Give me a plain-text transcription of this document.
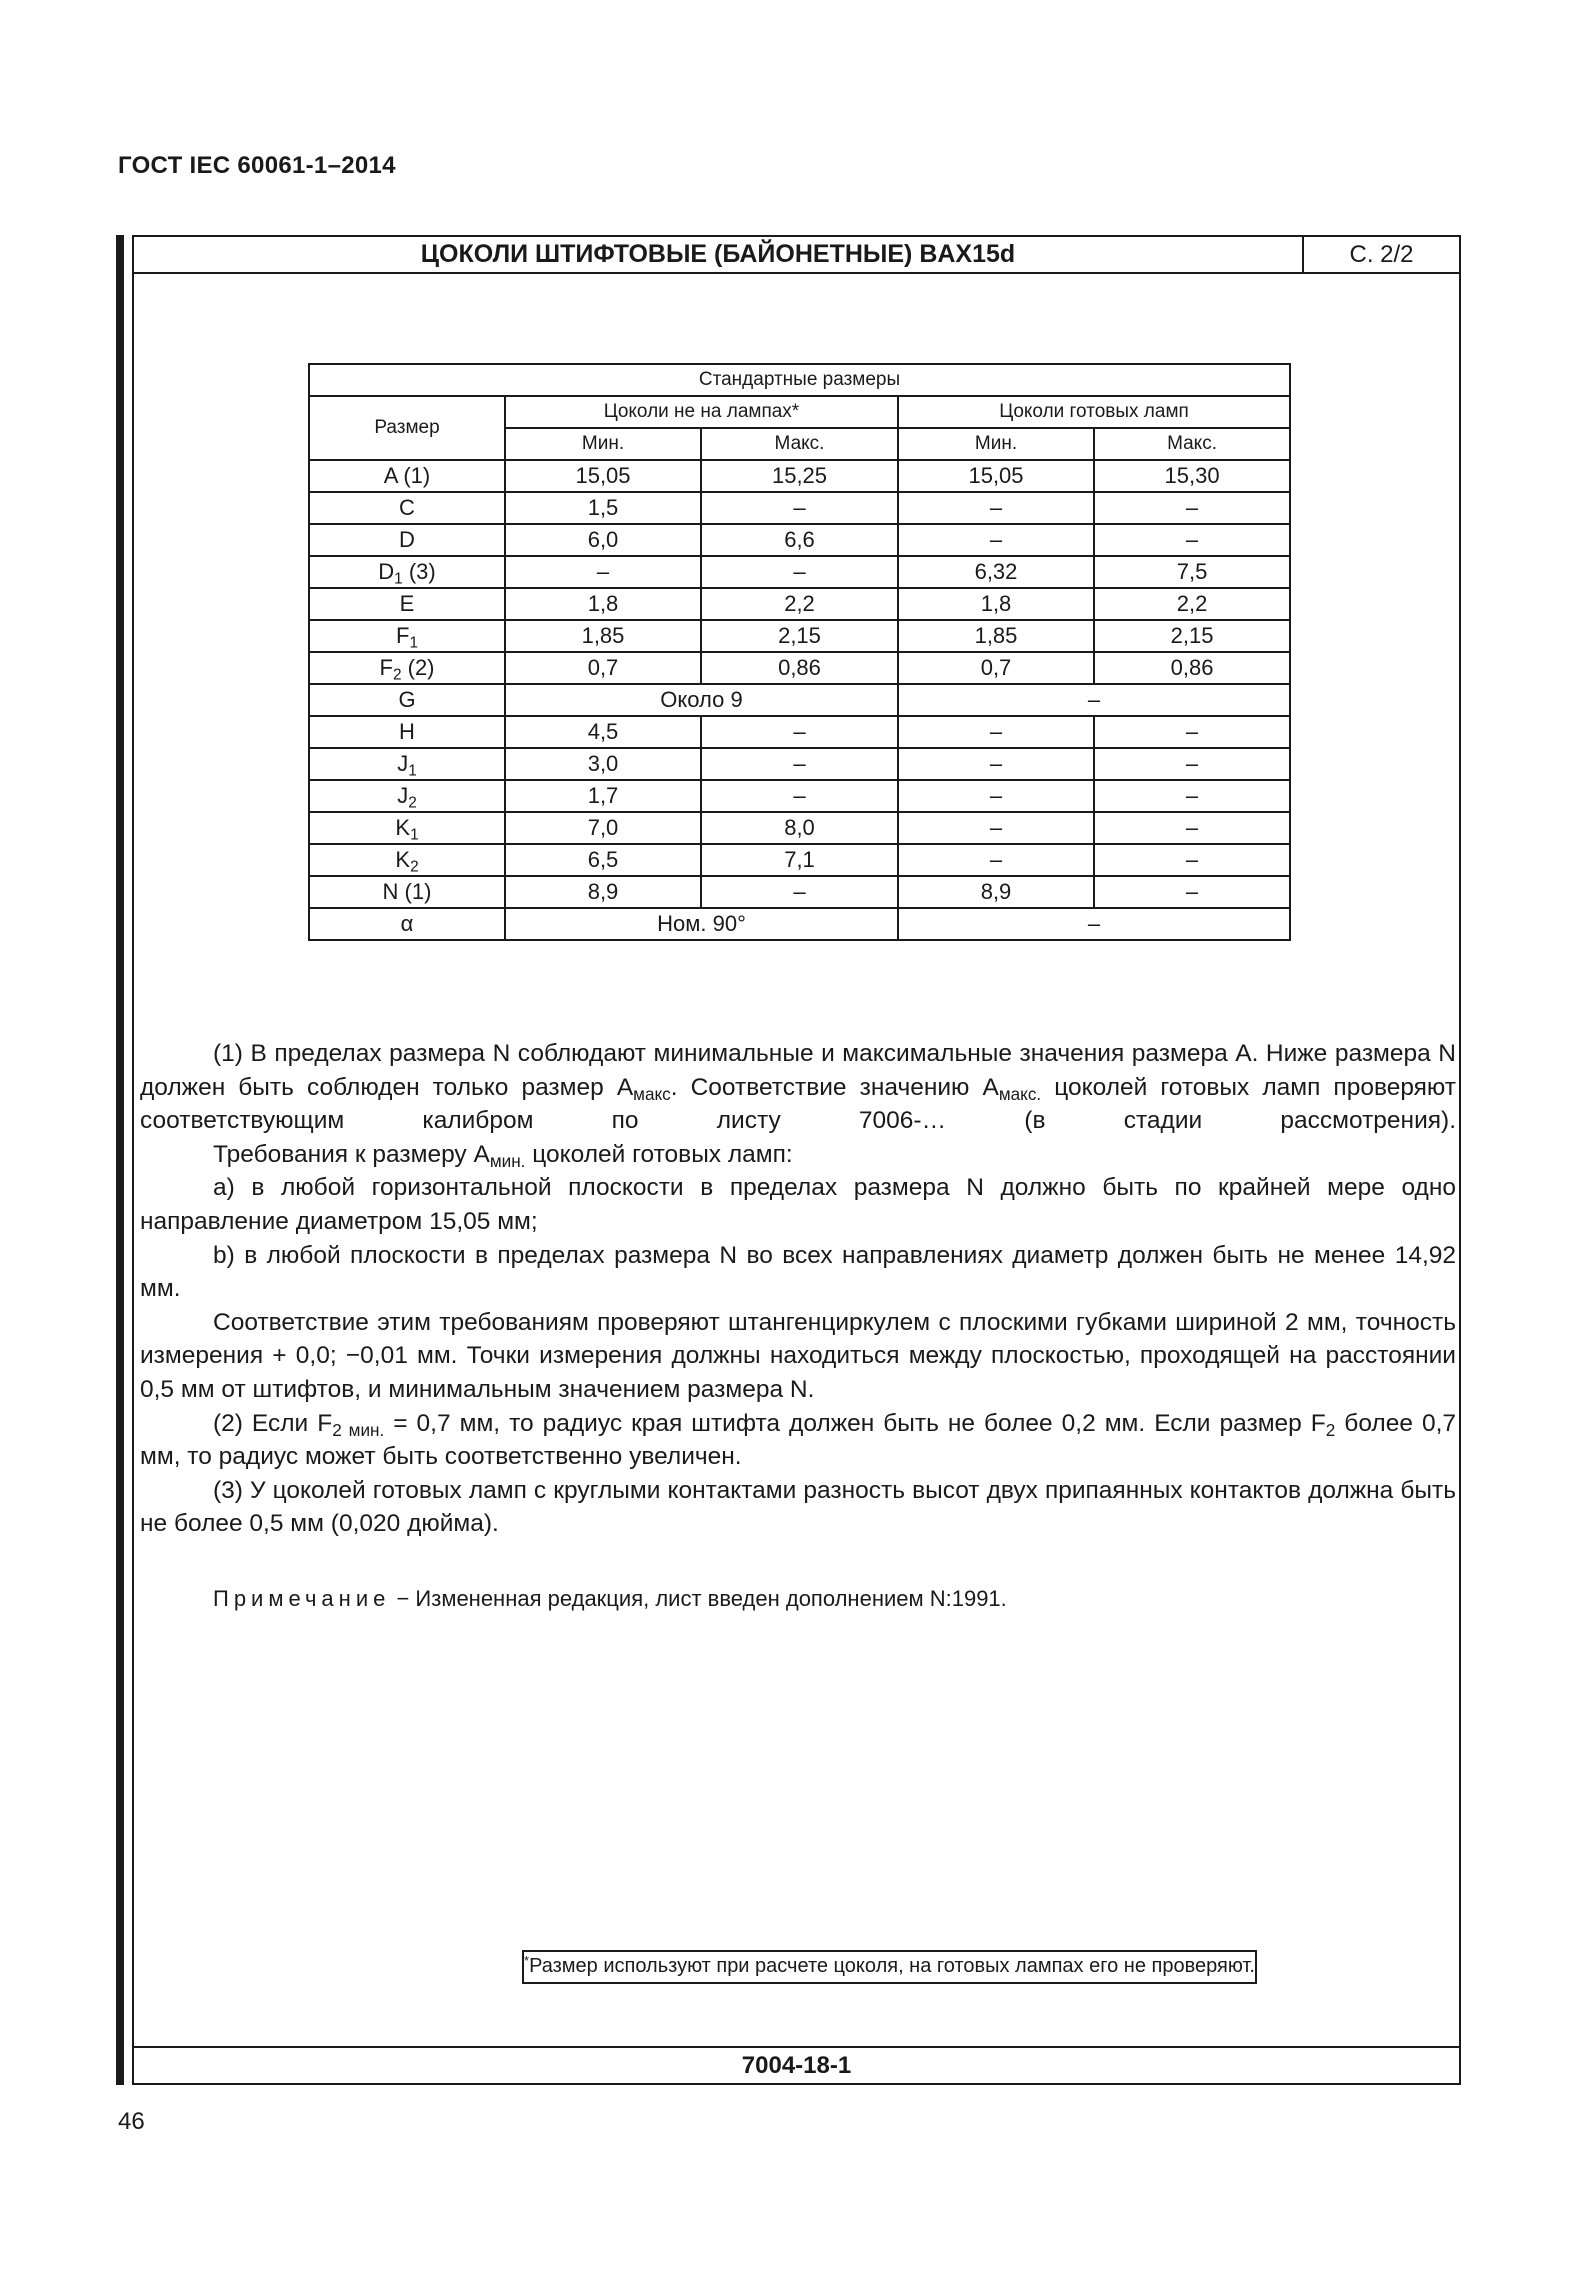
ГОСТ IEC 60061-1–2014
ЦОКОЛИ ШТИФТОВЫЕ (БАЙОНЕТНЫЕ) BAX15d	С. 2/2
7004-18-1
Стандартные размеры				
Размер	Цоколи не на лампах*		Цоколи готовых ламп	
	Мин.	Макс.	Мин.	Макс.
A (1)	15,05	15,25	15,05	15,30
C	1,5	–	–	–
D	6,0	6,6	–	–
$D_1$ (3)	–	–	6,32	7,5
E	1,8	2,2	1,8	2,2
$F_1$	1,85	2,15	1,85	2,15
$F_2$ (2)	0,7	0,86	0,7	0,86
G	Около 9		–	
H	4,5	–	–	–
$J_1$	3,0	–	–	–
$J_2$	1,7	–	–	–
$K_1$	7,0	8,0	–	–
$K_2$	6,5	7,1	–	–
N (1)	8,9	–	8,9	–
α	Ном. 90°		–	

*Размер используют при расчете цоколя, на готовых лампах его не проверяют.

(1) В пределах размера N соблюдают минимальные и максимальные значения размера A. Ниже размера N должен быть соблюден только размер $A_{макс}$. Соответствие значению $A_{макс.}$ цоколей готовых ламп проверяют соответствующим калибром по листу 7006-… (в стадии рассмотрения).

Требования к размеру $A_{мин.}$ цоколей готовых ламп:

a) в любой горизонтальной плоскости в пределах размера N должно быть по крайней мере одно направление диаметром 15,05 мм;

b) в любой плоскости в пределах размера N во всех направлениях диаметр должен быть не менее 14,92 мм.

Соответствие этим требованиям проверяют штангенциркулем с плоскими губками шириной 2 мм, точность измерения + 0,0; −0,01 мм. Точки измерения должны находиться между плоскостью, проходящей на расстоянии 0,5 мм от штифтов, и минимальным значением размера N.

(2) Если $F_{2 мин.} = 0,7$ мм, то радиус края штифта должен быть не более 0,2 мм. Если размер $F_2$ более 0,7 мм, то радиус может быть соответственно увеличен.

(3) У цоколей готовых ламп с круглыми контактами разность высот двух припаянных контактов должна быть не более 0,5 мм (0,020 дюйма).

Примечание − Измененная редакция, лист введен дополнением N:1991.
46
